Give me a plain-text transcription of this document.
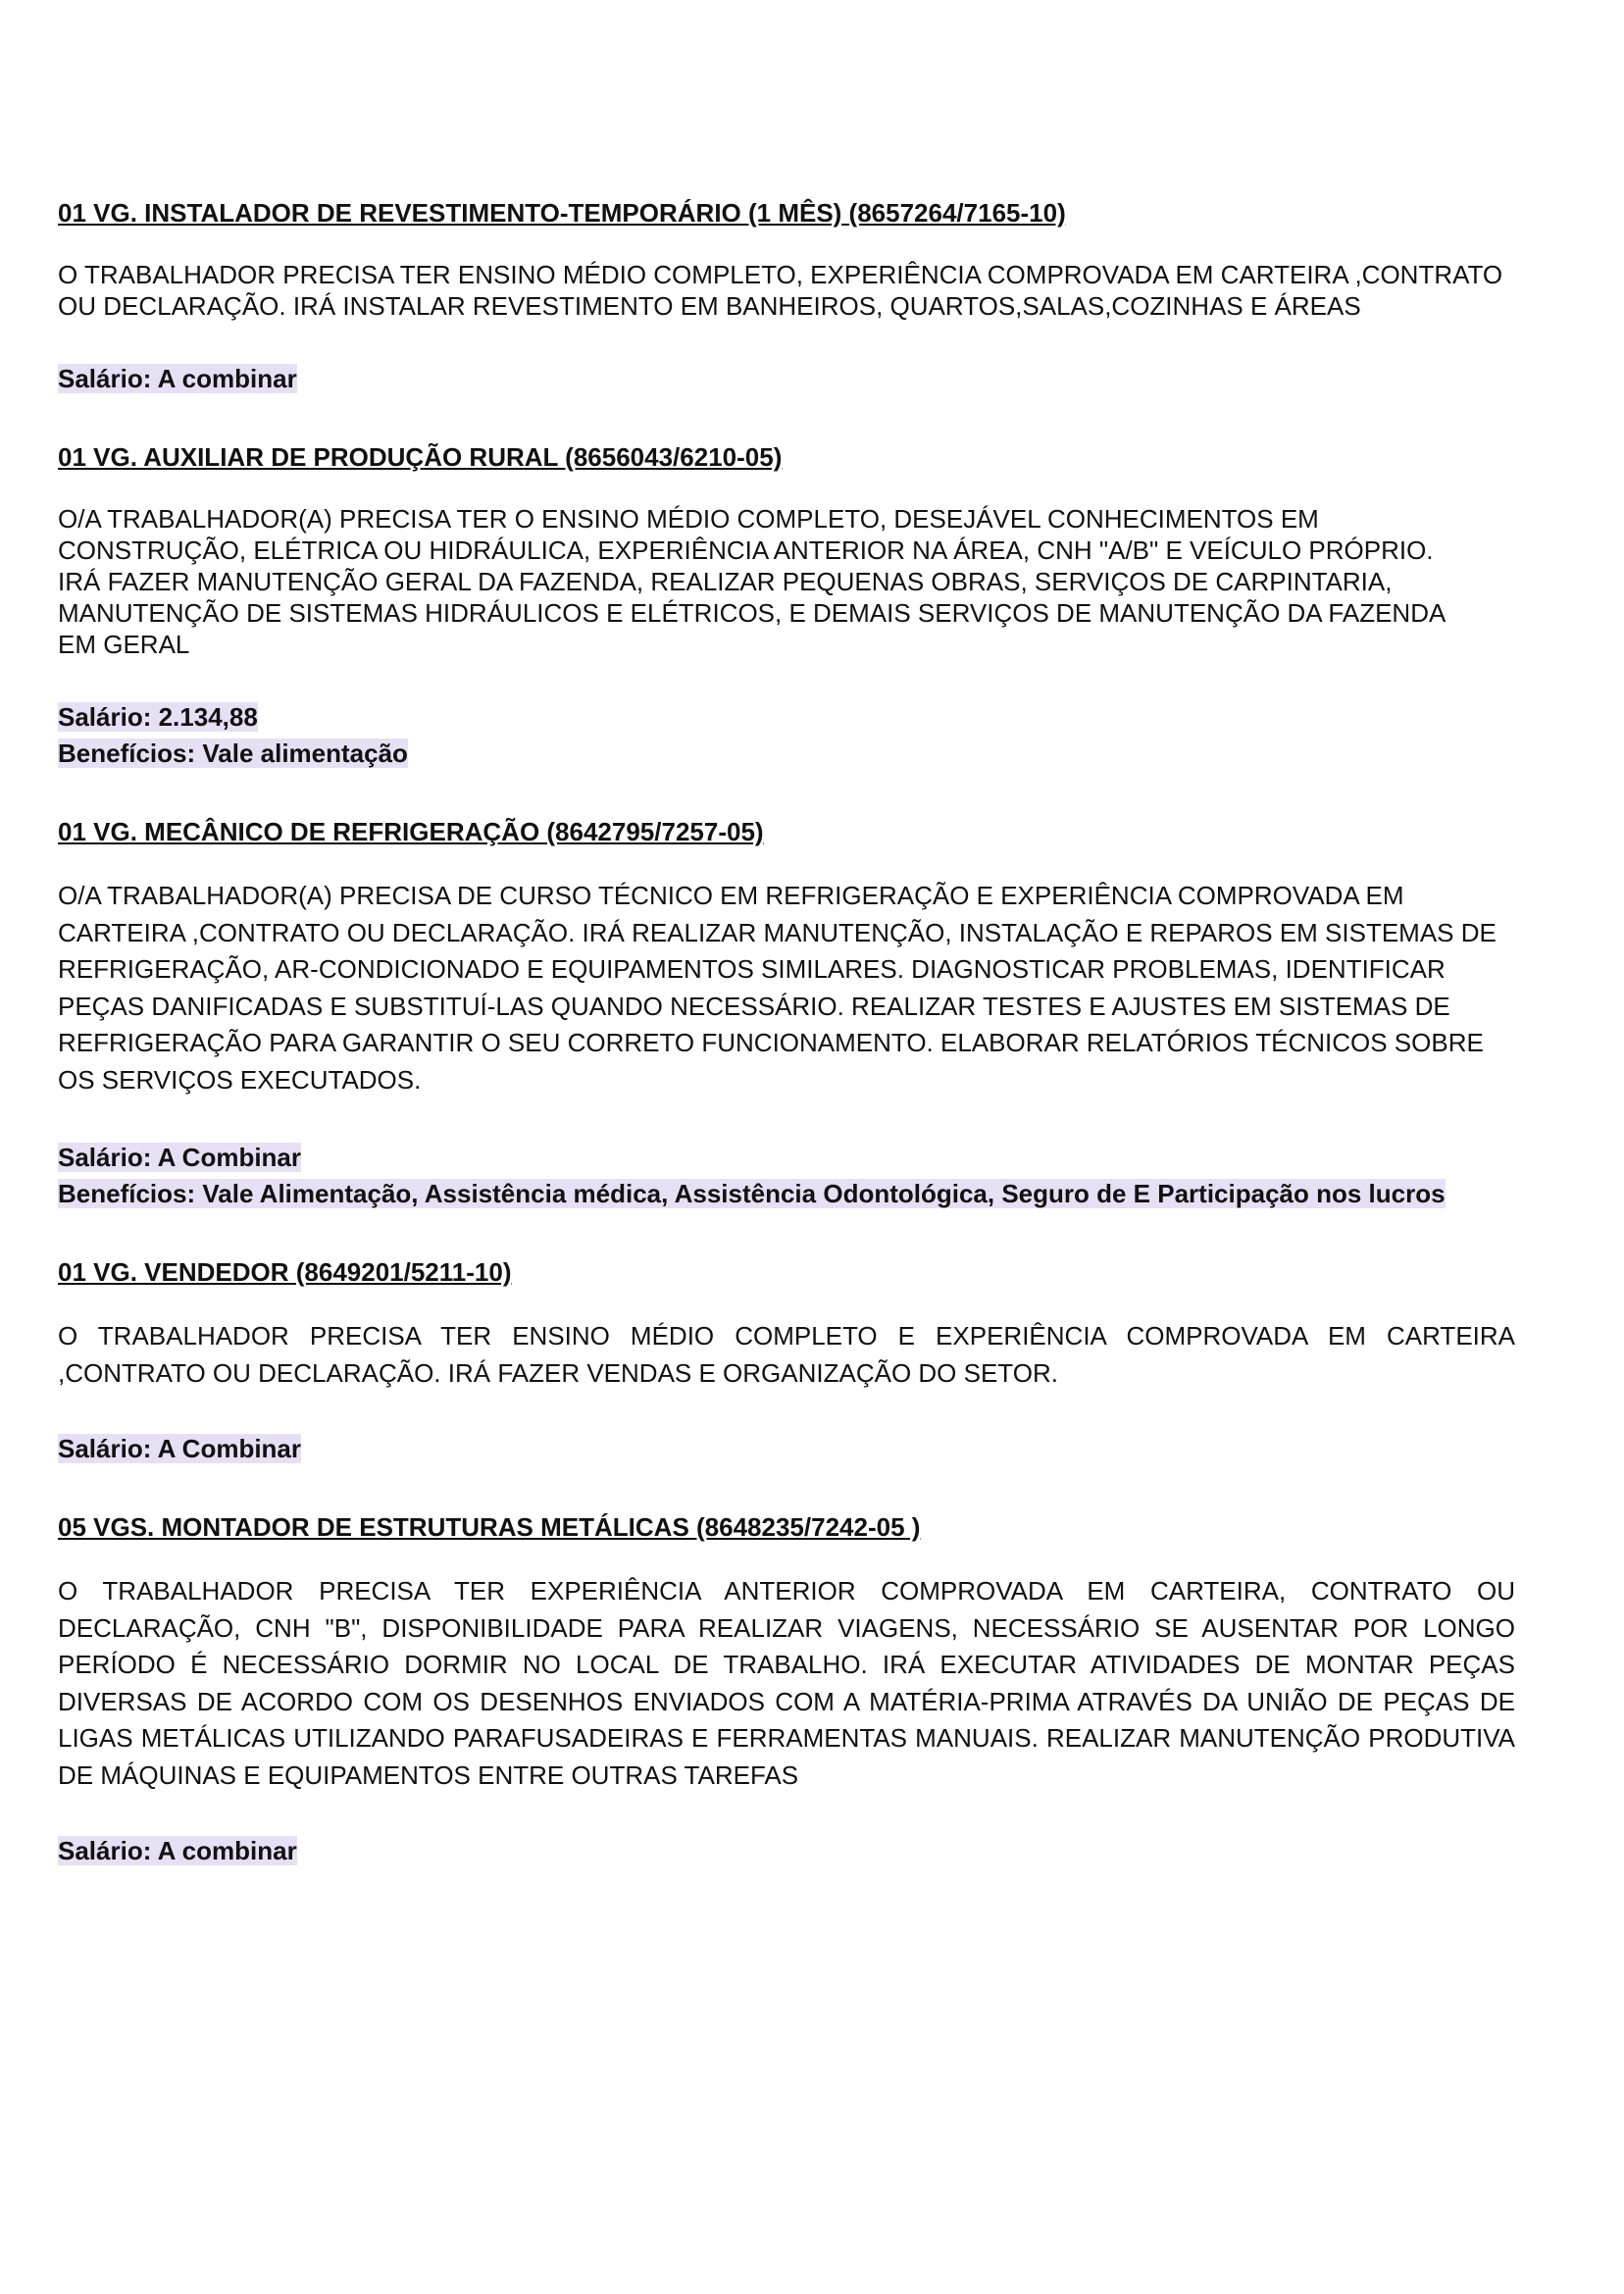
01 VG. INSTALADOR DE REVESTIMENTO-TEMPORÁRIO (1 MÊS) (8657264/7165-10)
O TRABALHADOR PRECISA TER ENSINO MÉDIO COMPLETO, EXPERIÊNCIA COMPROVADA EM CARTEIRA ,CONTRATO OU DECLARAÇÃO. IRÁ INSTALAR REVESTIMENTO EM BANHEIROS, QUARTOS,SALAS,COZINHAS E ÁREAS
Salário: A combinar
01 VG. AUXILIAR DE PRODUÇÃO RURAL (8656043/6210-05)
O/A TRABALHADOR(A) PRECISA TER O ENSINO MÉDIO COMPLETO, DESEJÁVEL CONHECIMENTOS EM CONSTRUÇÃO, ELÉTRICA OU HIDRÁULICA, EXPERIÊNCIA ANTERIOR NA ÁREA, CNH "A/B" E VEÍCULO PRÓPRIO. IRÁ FAZER MANUTENÇÃO GERAL DA FAZENDA, REALIZAR PEQUENAS OBRAS, SERVIÇOS DE CARPINTARIA, MANUTENÇÃO DE SISTEMAS HIDRÁULICOS E ELÉTRICOS, E DEMAIS SERVIÇOS DE MANUTENÇÃO DA FAZENDA EM GERAL
Salário: 2.134,88
Benefícios: Vale alimentação
01 VG. MECÂNICO DE REFRIGERAÇÃO (8642795/7257-05)
O/A TRABALHADOR(A) PRECISA DE CURSO TÉCNICO EM REFRIGERAÇÃO E EXPERIÊNCIA COMPROVADA EM CARTEIRA ,CONTRATO OU DECLARAÇÃO. IRÁ REALIZAR MANUTENÇÃO, INSTALAÇÃO E REPAROS EM SISTEMAS DE REFRIGERAÇÃO, AR-CONDICIONADO E EQUIPAMENTOS SIMILARES. DIAGNOSTICAR PROBLEMAS, IDENTIFICAR PEÇAS DANIFICADAS E SUBSTITUÍ-LAS QUANDO NECESSÁRIO. REALIZAR TESTES E AJUSTES EM SISTEMAS DE REFRIGERAÇÃO PARA GARANTIR O SEU CORRETO FUNCIONAMENTO. ELABORAR RELATÓRIOS TÉCNICOS SOBRE OS SERVIÇOS EXECUTADOS.
Salário: A Combinar
Benefícios: Vale Alimentação, Assistência médica, Assistência Odontológica, Seguro de E Participação nos lucros
01 VG. VENDEDOR (8649201/5211-10)
O TRABALHADOR PRECISA TER ENSINO MÉDIO COMPLETO E EXPERIÊNCIA COMPROVADA EM CARTEIRA ,CONTRATO OU DECLARAÇÃO. IRÁ FAZER VENDAS E ORGANIZAÇÃO DO SETOR.
Salário: A Combinar
05 VGS. MONTADOR DE ESTRUTURAS METÁLICAS (8648235/7242-05 )
O TRABALHADOR PRECISA TER EXPERIÊNCIA ANTERIOR COMPROVADA EM CARTEIRA, CONTRATO OU DECLARAÇÃO, CNH "B", DISPONIBILIDADE PARA REALIZAR VIAGENS, NECESSÁRIO SE AUSENTAR POR LONGO PERÍODO É NECESSÁRIO DORMIR NO LOCAL DE TRABALHO. IRÁ EXECUTAR ATIVIDADES DE MONTAR PEÇAS DIVERSAS DE ACORDO COM OS DESENHOS ENVIADOS COM A MATÉRIA-PRIMA ATRAVÉS DA UNIÃO DE PEÇAS DE LIGAS METÁLICAS UTILIZANDO PARAFUSADEIRAS E FERRAMENTAS MANUAIS. REALIZAR MANUTENÇÃO PRODUTIVA DE MÁQUINAS E EQUIPAMENTOS ENTRE OUTRAS TAREFAS
Salário: A combinar
